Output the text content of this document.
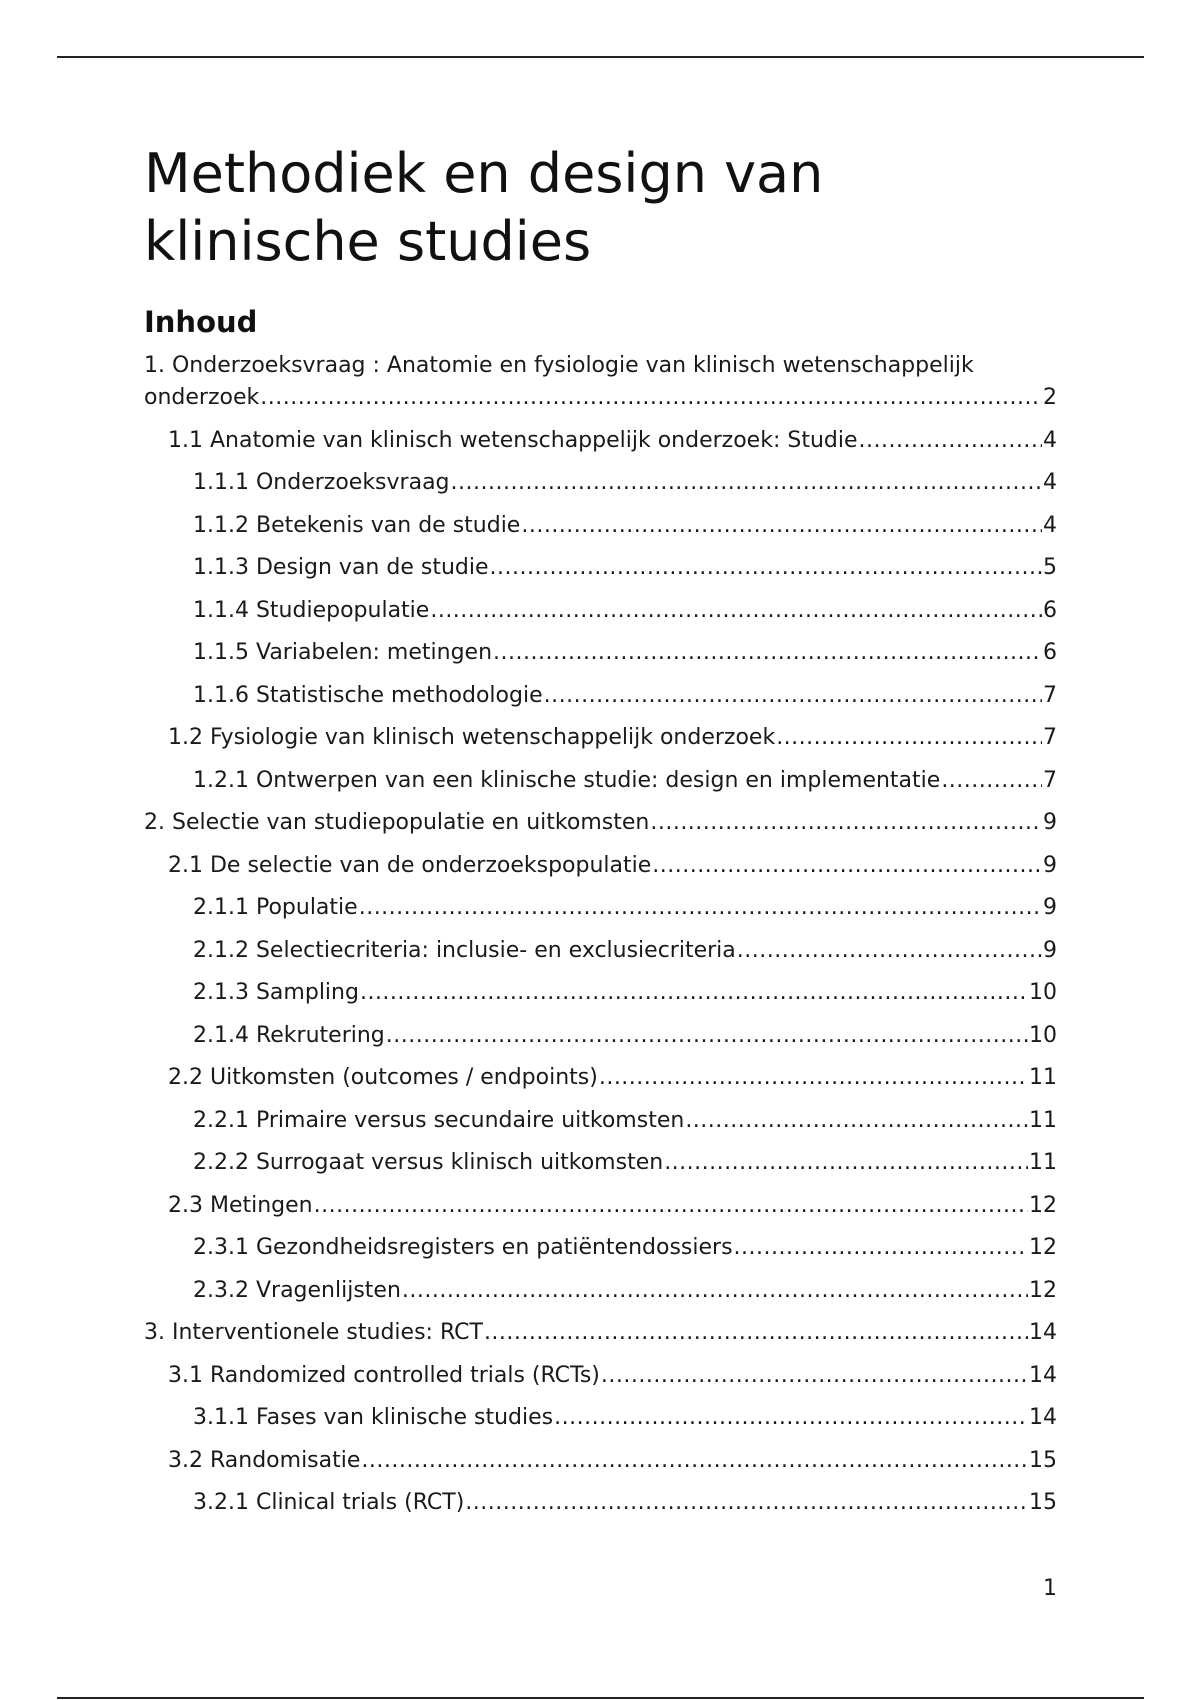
Methodiek en design van
klinische studies
Inhoud
1. Onderzoeksvraag : Anatomie en fysiologie van klinisch wetenschappelijk
onderzoek .....	2
1.1 Anatomie van klinisch wetenschappelijk onderzoek: Studie .....	4
1.1.1 Onderzoeksvraag .....	4
1.1.2 Betekenis van de studie .....	4
1.1.3 Design van de studie .....	5
1.1.4 Studiepopulatie .....	6
1.1.5 Variabelen: metingen .....	6
1.1.6 Statistische methodologie .....	7
1.2 Fysiologie van klinisch wetenschappelijk onderzoek .....	7
1.2.1 Ontwerpen van een klinische studie: design en implementatie .....	7
2. Selectie van studiepopulatie en uitkomsten .....	9
2.1 De selectie van de onderzoekspopulatie .....	9
2.1.1 Populatie .....	9
2.1.2 Selectiecriteria: inclusie- en exclusiecriteria .....	9
2.1.3 Sampling .....	10
2.1.4 Rekrutering .....	10
2.2 Uitkomsten (outcomes / endpoints) .....	11
2.2.1 Primaire versus secundaire uitkomsten .....	11
2.2.2 Surrogaat versus klinisch uitkomsten .....	11
2.3 Metingen .....	12
2.3.1 Gezondheidsregisters en patiëntendossiers .....	12
2.3.2 Vragenlijsten .....	12
3. Interventionele studies: RCT .....	14
3.1 Randomized controlled trials (RCTs) .....	14
3.1.1 Fases van klinische studies .....	14
3.2 Randomisatie .....	15
3.2.1 Clinical trials (RCT) .....	15
1
